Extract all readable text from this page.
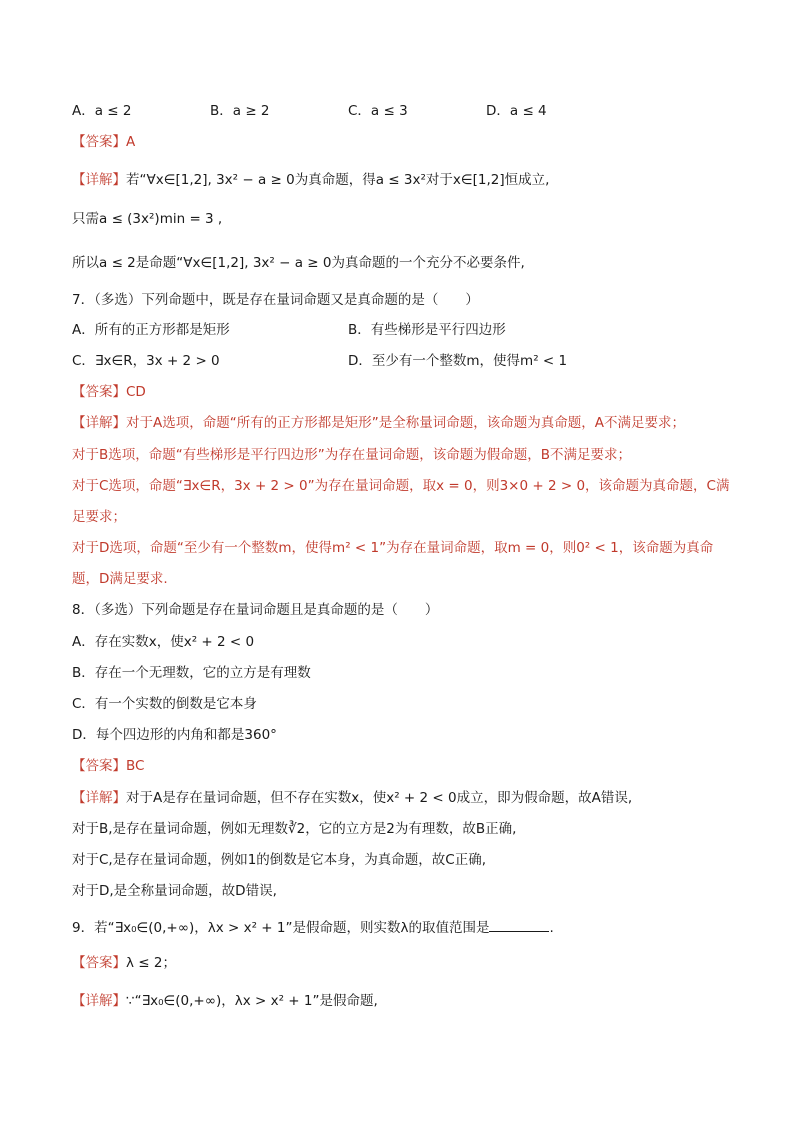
A．a ≤ 2	B．a ≥ 2	C．a ≤ 3	D．a ≤ 4
【答案】A
【详解】若“∀x∈[1,2], 3x² − a ≥ 0为真命题，得a ≤ 3x²对于x∈[1,2]恒成立,
只需a ≤ (3x²)min = 3 ,
所以a ≤ 2是命题“∀x∈[1,2], 3x² − a ≥ 0为真命题的一个充分不必要条件,
7．（多选）下列命题中，既是存在量词命题又是真命题的是（　　）
A．所有的正方形都是矩形	B．有些梯形是平行四边形
C．∃x∈R，3x + 2 > 0	D．至少有一个整数m，使得m² < 1
【答案】CD
【详解】对于A选项，命题“所有的正方形都是矩形”是全称量词命题，该命题为真命题，A不满足要求；
对于B选项，命题“有些梯形是平行四边形”为存在量词命题，该命题为假命题，B不满足要求；
对于C选项，命题“∃x∈R，3x + 2 > 0”为存在量词命题，取x = 0，则3×0 + 2 > 0，该命题为真命题，C满
足要求；
对于D选项，命题“至少有一个整数m，使得m² < 1”为存在量词命题，取m = 0，则0² < 1，该命题为真命
题，D满足要求.
8．（多选）下列命题是存在量词命题且是真命题的是（　　）
A．存在实数x，使x² + 2 < 0
B．存在一个无理数，它的立方是有理数
C．有一个实数的倒数是它本身
D．每个四边形的内角和都是360°
【答案】BC
【详解】对于A是存在量词命题，但不存在实数x，使x² + 2 < 0成立，即为假命题，故A错误,
对于B,是存在量词命题，例如无理数∛2，它的立方是2为有理数，故B正确,
对于C,是存在量词命题，例如1的倒数是它本身，为真命题，故C正确,
对于D,是全称量词命题，故D错误,
9．若“∃x₀∈(0,+∞)，λx > x² + 1”是假命题，则实数λ的取值范围是	.
【答案】λ ≤ 2；
【详解】∵“∃x₀∈(0,+∞)，λx > x² + 1”是假命题,
